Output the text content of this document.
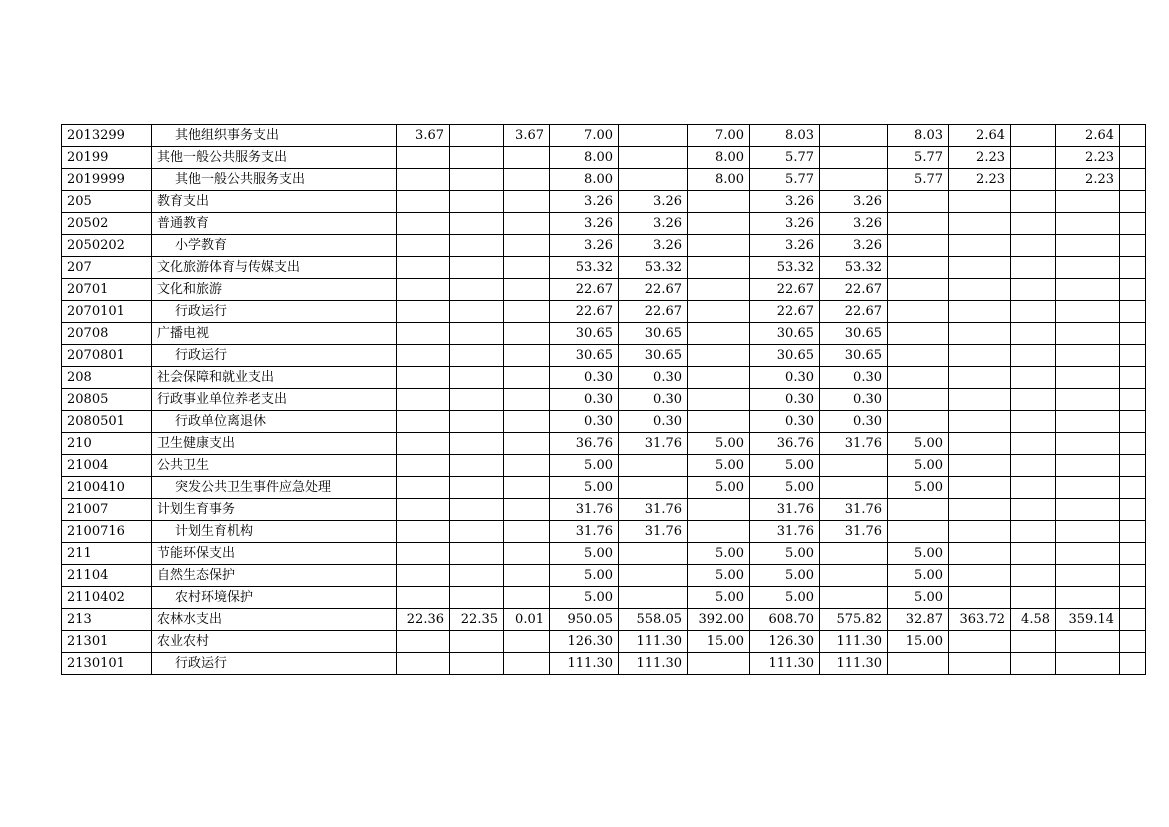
2013299	其他组织事务支出	3.67		3.67	7.00		7.00	8.03		8.03	2.64		2.64	
20199	其他一般公共服务支出				8.00		8.00	5.77		5.77	2.23		2.23	
2019999	其他一般公共服务支出				8.00		8.00	5.77		5.77	2.23		2.23	
205	教育支出				3.26	3.26		3.26	3.26					
20502	普通教育				3.26	3.26		3.26	3.26					
2050202	小学教育				3.26	3.26		3.26	3.26					
207	文化旅游体育与传媒支出				53.32	53.32		53.32	53.32					
20701	文化和旅游				22.67	22.67		22.67	22.67					
2070101	行政运行				22.67	22.67		22.67	22.67					
20708	广播电视				30.65	30.65		30.65	30.65					
2070801	行政运行				30.65	30.65		30.65	30.65					
208	社会保障和就业支出				0.30	0.30		0.30	0.30					
20805	行政事业单位养老支出				0.30	0.30		0.30	0.30					
2080501	行政单位离退休				0.30	0.30		0.30	0.30					
210	卫生健康支出				36.76	31.76	5.00	36.76	31.76	5.00				
21004	公共卫生				5.00		5.00	5.00		5.00				
2100410	突发公共卫生事件应急处理				5.00		5.00	5.00		5.00				
21007	计划生育事务				31.76	31.76		31.76	31.76					
2100716	计划生育机构				31.76	31.76		31.76	31.76					
211	节能环保支出				5.00		5.00	5.00		5.00				
21104	自然生态保护				5.00		5.00	5.00		5.00				
2110402	农村环境保护				5.00		5.00	5.00		5.00				
213	农林水支出	22.36	22.35	0.01	950.05	558.05	392.00	608.70	575.82	32.87	363.72	4.58	359.14	
21301	农业农村				126.30	111.30	15.00	126.30	111.30	15.00				
2130101	行政运行				111.30	111.30		111.30	111.30					
